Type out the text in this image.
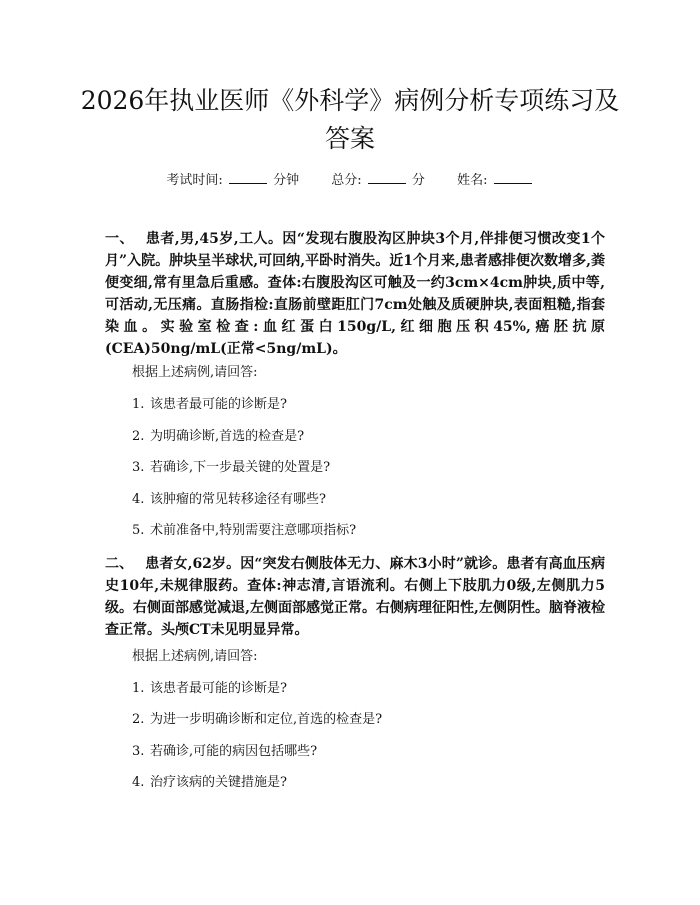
2026年执业医师《外科学》病例分析专项练习及答案
考试时间:	分钟 总分:	分 姓名:

一、 患者,男,45岁,工人。因“发现右腹股沟区肿块3个月,伴排便习惯改变1个月”入院。肿块呈半球状,可回纳,平卧时消失。近1个月来,患者感排便次数增多,粪便变细,常有里急后重感。查体:右腹股沟区可触及一约3cm×4cm肿块,质中等,可活动,无压痛。直肠指检:直肠前壁距肛门7cm处触及质硬肿块,表面粗糙,指套染血。实验室检查:血红蛋白150g/L,红细胞压积45%,癌胚抗原(CEA)50ng/mL(正常<5ng/mL)。

根据上述病例,请回答:

1. 该患者最可能的诊断是?

2. 为明确诊断,首选的检查是?

3. 若确诊,下一步最关键的处置是?

4. 该肿瘤的常见转移途径有哪些?

5. 术前准备中,特别需要注意哪项指标?

二、 患者女,62岁。因“突发右侧肢体无力、麻木3小时”就诊。患者有高血压病史10年,未规律服药。查体:神志清,言语流利。右侧上下肢肌力0级,左侧肌力5级。右侧面部感觉减退,左侧面部感觉正常。右侧病理征阳性,左侧阴性。脑脊液检查正常。头颅CT未见明显异常。

根据上述病例,请回答:

1. 该患者最可能的诊断是?

2. 为进一步明确诊断和定位,首选的检查是?

3. 若确诊,可能的病因包括哪些?

4. 治疗该病的关键措施是?
